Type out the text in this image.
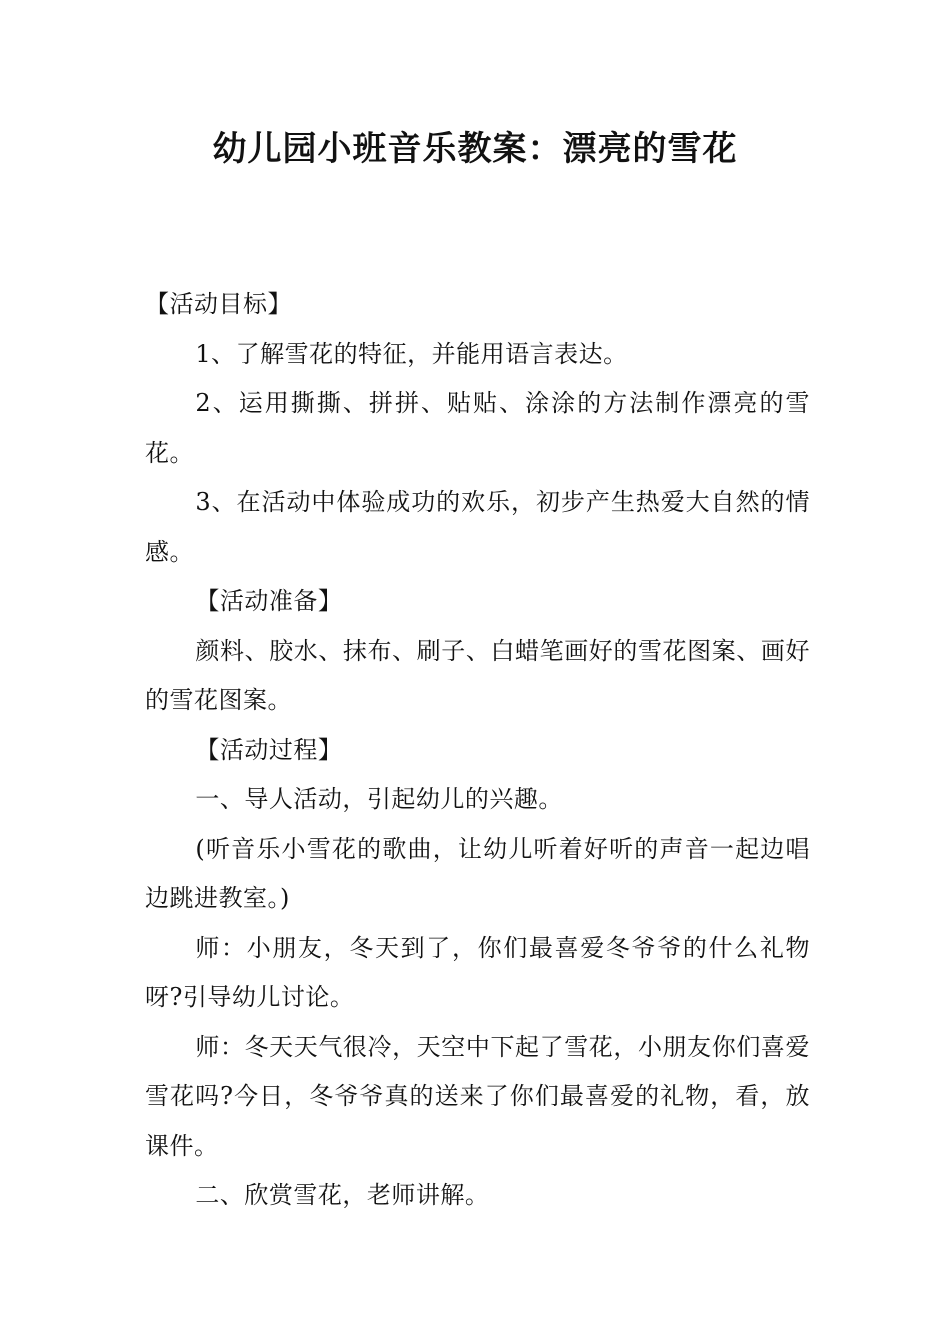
幼儿园小班音乐教案：漂亮的雪花

【活动目标】

1、了解雪花的特征，并能用语言表达。

2、运用撕撕、拼拼、贴贴、涂涂的方法制作漂亮的雪花。

3、在活动中体验成功的欢乐，初步产生热爱大自然的情感。

【活动准备】

颜料、胶水、抹布、刷子、白蜡笔画好的雪花图案、画好的雪花图案。

【活动过程】

一、导人活动，引起幼儿的兴趣。

(听音乐小雪花的歌曲，让幼儿听着好听的声音一起边唱边跳进教室。)

师：小朋友，冬天到了，你们最喜爱冬爷爷的什么礼物呀?引导幼儿讨论。

师：冬天天气很冷，天空中下起了雪花，小朋友你们喜爱雪花吗?今日，冬爷爷真的送来了你们最喜爱的礼物，看，放课件。

二、欣赏雪花，老师讲解。
